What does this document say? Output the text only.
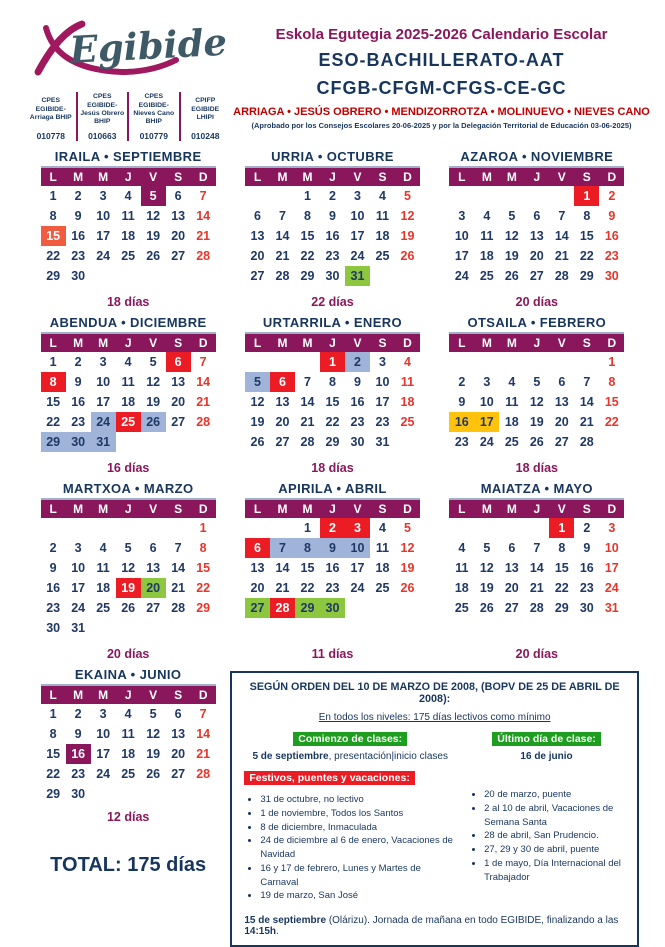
Egibide
CPES EGIBIDE-Arriaga BHIP
010778
CPES EGIBIDE-Jesús Obrero BHIP
010663
CPES EGIBIDE-Nieves Cano BHIP
010779
CPIFP EGIBIDE LHIPI
010248
Eskola Egutegia 2025-2026 Calendario Escolar
ESO-BACHILLERATO-AAT
CFGB-CFGM-CFGS-CE-GC
ARRIAGA • JESÚS OBRERO • MENDIZORROTZA • MOLINUEVO • NIEVES CANO
(Aprobado por los Consejos Escolares 20-06-2025 y por la Delegación Territorial de Educación 03-06-2025)
IRAILA • SEPTIEMBRE
L	M	M	J	V	S	D
1	2	3	4	5	6	7
8	9	10	11	12	13	14
15	16	17	18	19	20	21
22	23	24	25	26	27	28
29	30					
18 días
URRIA • OCTUBRE
L	M	M	J	V	S	D
		1	2	3	4	5
6	7	8	9	10	11	12
13	14	15	16	17	18	19
20	21	22	23	24	25	26
27	28	29	30	31		
22 días
AZAROA • NOVIEMBRE
L	M	M	J	V	S	D
					1	2
3	4	5	6	7	8	9
10	11	12	13	14	15	16
17	18	19	20	21	22	23
24	25	26	27	28	29	30
20 días
ABENDUA • DICIEMBRE
L	M	M	J	V	S	D
1	2	3	4	5	6	7
8	9	10	11	12	13	14
15	16	17	18	19	20	21
22	23	24	25	26	27	28
29	30	31				
16 días
URTARRILA • ENERO
L	M	M	J	V	S	D
			1	2	3	4
5	6	7	8	9	10	11
12	13	14	15	16	17	18
19	20	21	22	23	23	25
26	27	28	29	30	31	
18 días
OTSAILA • FEBRERO
L	M	M	J	V	S	D
						1
2	3	4	5	6	7	8
9	10	11	12	13	14	15
16	17	18	19	20	21	22
23	24	25	26	27	28	
18 días
MARTXOA • MARZO
L	M	M	J	V	S	D
						1
2	3	4	5	6	7	8
9	10	11	12	13	14	15
16	17	18	19	20	21	22
23	24	25	26	27	28	29
30	31					
20 días
APIRILA • ABRIL
L	M	M	J	V	S	D
		1	2	3	4	5
6	7	8	9	10	11	12
13	14	15	16	17	18	19
20	21	22	23	24	25	26
27	28	29	30			
11 días
MAIATZA • MAYO
L	M	M	J	V	S	D
				1	2	3
4	5	6	7	8	9	10
11	12	13	14	15	16	17
18	19	20	21	22	23	24
25	26	27	28	29	30	31
20 días
EKAINA • JUNIO
L	M	M	J	V	S	D
1	2	3	4	5	6	7
8	9	10	11	12	13	14
15	16	17	18	19	20	21
22	23	24	25	26	27	28
29	30					
12 días
TOTAL: 175 días
SEGÚN ORDEN DEL 10 DE MARZO DE 2008, (BOPV DE 25 DE ABRIL DE 2008):
En todos los niveles: 175 días lectivos como mínimo
Comienzo de clases:
5 de septiembre, presentación|inicio clases
Festivos, puentes y vacaciones:
• 31 de octubre, no lectivo
• 1 de noviembre, Todos los Santos
• 8 de diciembre, Inmaculada
• 24 de diciembre al 6 de enero, Vacaciones de Navidad
• 16 y 17 de febrero, Lunes y Martes de Carnaval
• 19 de marzo, San José
Último día de clase:
16 de junio
• 20 de marzo, puente
• 2 al 10 de abril, Vacaciones de Semana Santa
• 28 de abril, San Prudencio.
• 27, 29 y 30 de abril, puente
• 1 de mayo, Día Internacional del Trabajador
15 de septiembre (Olárizu). Jornada de mañana en todo EGIBIDE, finalizando a las 14:15h.
